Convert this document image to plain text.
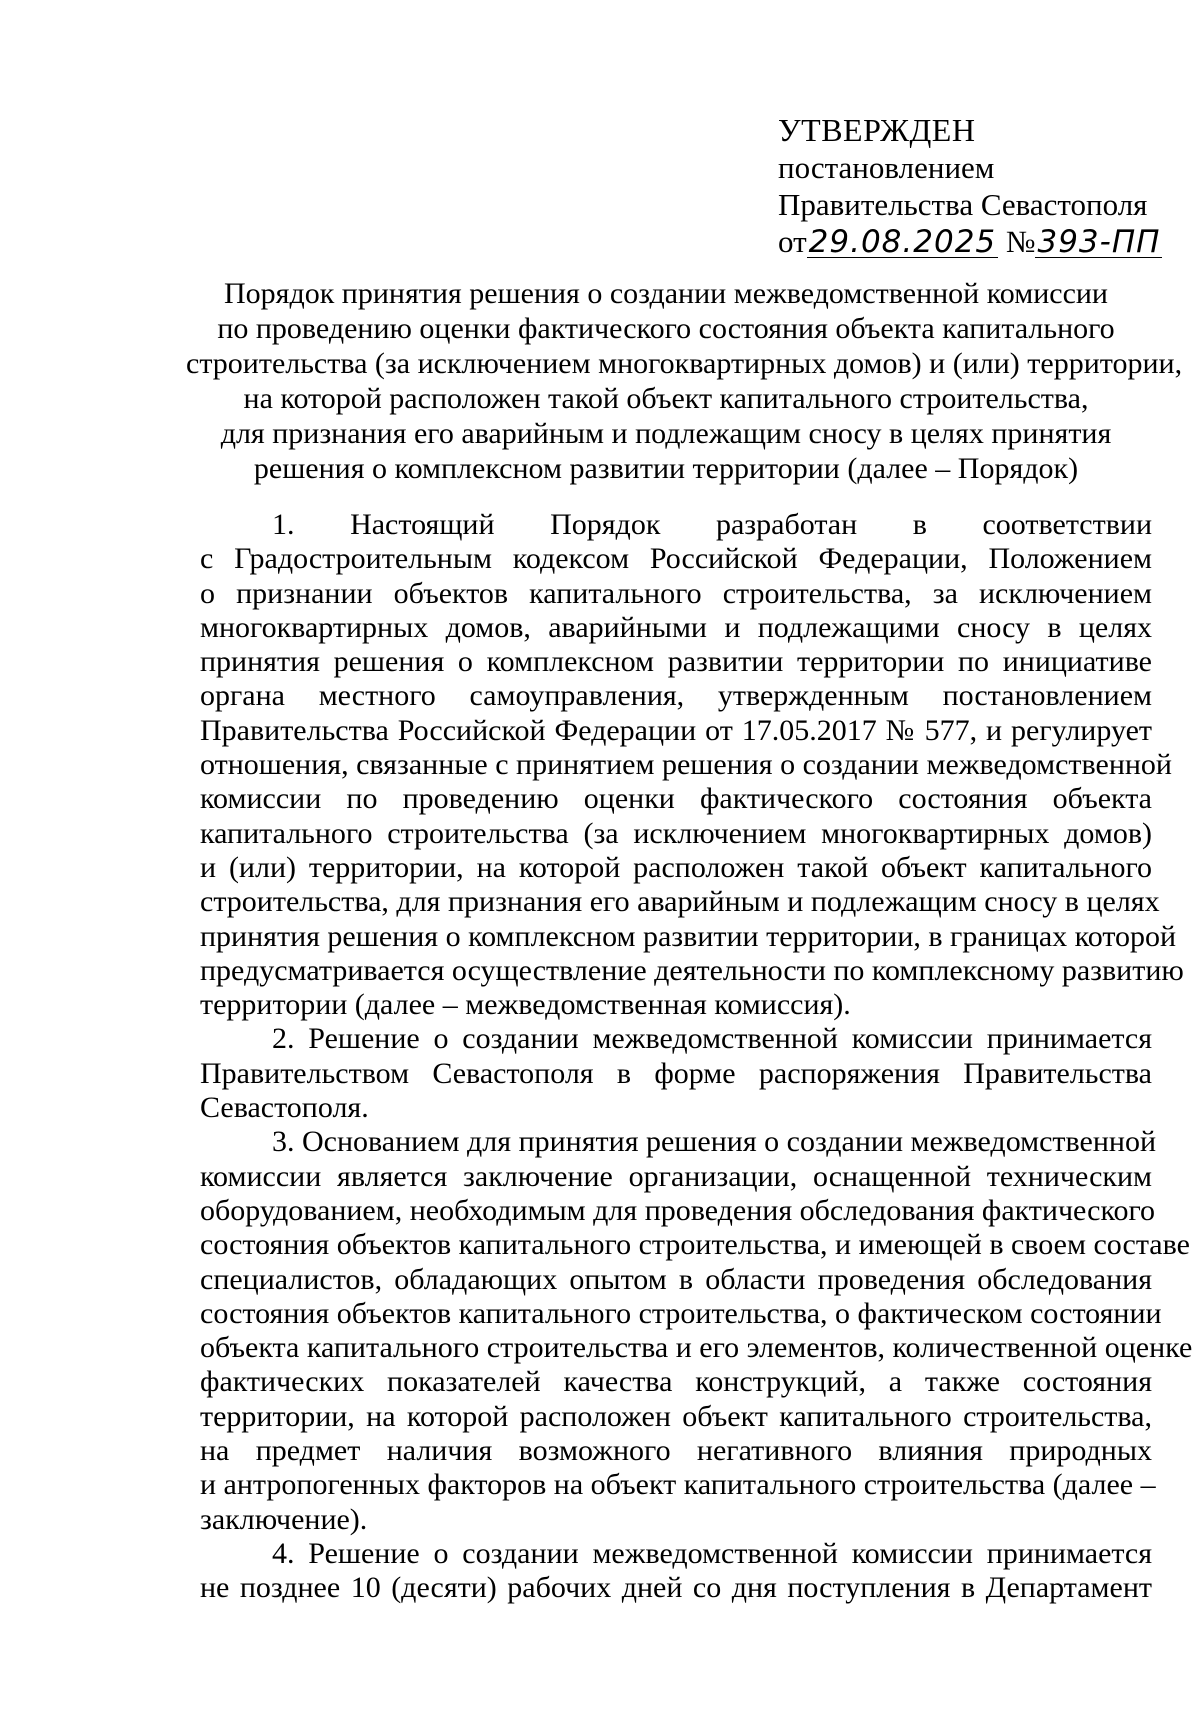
УТВЕРЖДЕН
постановлением
Правительства Севастополя
от29.08.2025 №393-ПП
Порядок принятия решения о создании межведомственной комиссии
по проведению оценки фактического состояния объекта капитального
строительства (за исключением многоквартирных домов) и (или) территории,
на которой расположен такой объект капитального строительства,
для признания его аварийным и подлежащим сносу в целях принятия
решения о комплексном развитии территории (далее – Порядок)
1. Настоящий Порядок разработан в соответствии
с Градостроительным кодексом Российской Федерации, Положением
о признании объектов капитального строительства, за исключением
многоквартирных домов, аварийными и подлежащими сносу в целях
принятия решения о комплексном развитии территории по инициативе
органа местного самоуправления, утвержденным постановлением
Правительства Российской Федерации от 17.05.2017 № 577, и регулирует
отношения, связанные с принятием решения о создании межведомственной
комиссии по проведению оценки фактического состояния объекта
капитального строительства (за исключением многоквартирных домов)
и (или) территории, на которой расположен такой объект капитального
строительства, для признания его аварийным и подлежащим сносу в целях
принятия решения о комплексном развитии территории, в границах которой
предусматривается осуществление деятельности по комплексному развитию
территории (далее – межведомственная комиссия).
2. Решение о создании межведомственной комиссии принимается
Правительством Севастополя в форме распоряжения Правительства
Севастополя.
3. Основанием для принятия решения о создании межведомственной
комиссии является заключение организации, оснащенной техническим
оборудованием, необходимым для проведения обследования фактического
состояния объектов капитального строительства, и имеющей в своем составе
специалистов, обладающих опытом в области проведения обследования
состояния объектов капитального строительства, о фактическом состоянии
объекта капитального строительства и его элементов, количественной оценке
фактических показателей качества конструкций, а также состояния
территории, на которой расположен объект капитального строительства,
на предмет наличия возможного негативного влияния природных
и антропогенных факторов на объект капитального строительства (далее –
заключение).
4. Решение о создании межведомственной комиссии принимается
не позднее 10 (десяти) рабочих дней со дня поступления в Департамент
